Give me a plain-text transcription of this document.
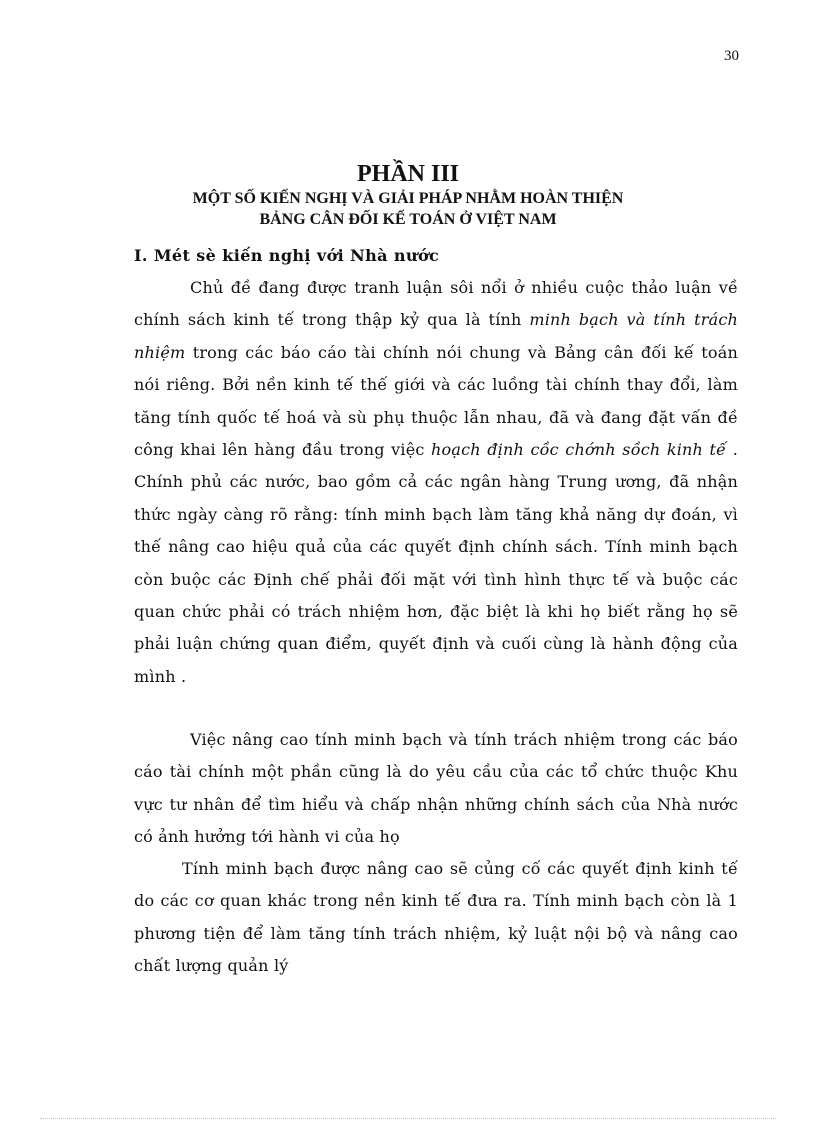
30
PHẦN III
MỘT SỐ KIẾN NGHỊ VÀ GIẢI PHÁP NHẰM HOÀN THIỆN
BẢNG CÂN ĐỐI KẾ TOÁN Ở VIỆT NAM
I. Mét sè kiến nghị với Nhà nước

Chủ đề đang được tranh luận sôi nổi ở nhiều cuộc thảo luận về chính sách kinh tế trong thập kỷ qua là tính minh bạch và tính trách nhiệm trong các báo cáo tài chính nói chung và Bảng cân đối kế toán nói riêng. Bởi nền kinh tế thế giới và các luồng tài chính thay đổi, làm tăng tính quốc tế hoá và sù phụ thuộc lẫn nhau, đã và đang đặt vấn đề công khai lên hàng đầu trong việc hoạch định cồc chớnh sồch kinh tế . Chính phủ các nước, bao gồm cả các ngân hàng Trung ương, đã nhận thức ngày càng rõ rằng: tính minh bạch làm tăng khả năng dự đoán, vì thế nâng cao hiệu quả của các quyết định chính sách. Tính minh bạch còn buộc các Định chế phải đối mặt với tình hình thực tế và buộc các quan chức phải có trách nhiệm hơn, đặc biệt là khi họ biết rằng họ sẽ phải luận chứng quan điểm, quyết định và cuối cùng là hành động của mình .

Việc nâng cao tính minh bạch và tính trách nhiệm trong các báo cáo tài chính một phần cũng là do yêu cầu của các tổ chức thuộc Khu vực tư nhân để tìm hiểu và chấp nhận những chính sách của Nhà nước có ảnh hưởng tới hành vi của họ

Tính minh bạch được nâng cao sẽ củng cố các quyết định kinh tế do các cơ quan khác trong nền kinh tế đưa ra. Tính minh bạch còn là 1 phương tiện để làm tăng tính trách nhiệm, kỷ luật nội bộ và nâng cao chất lượng quản lý
